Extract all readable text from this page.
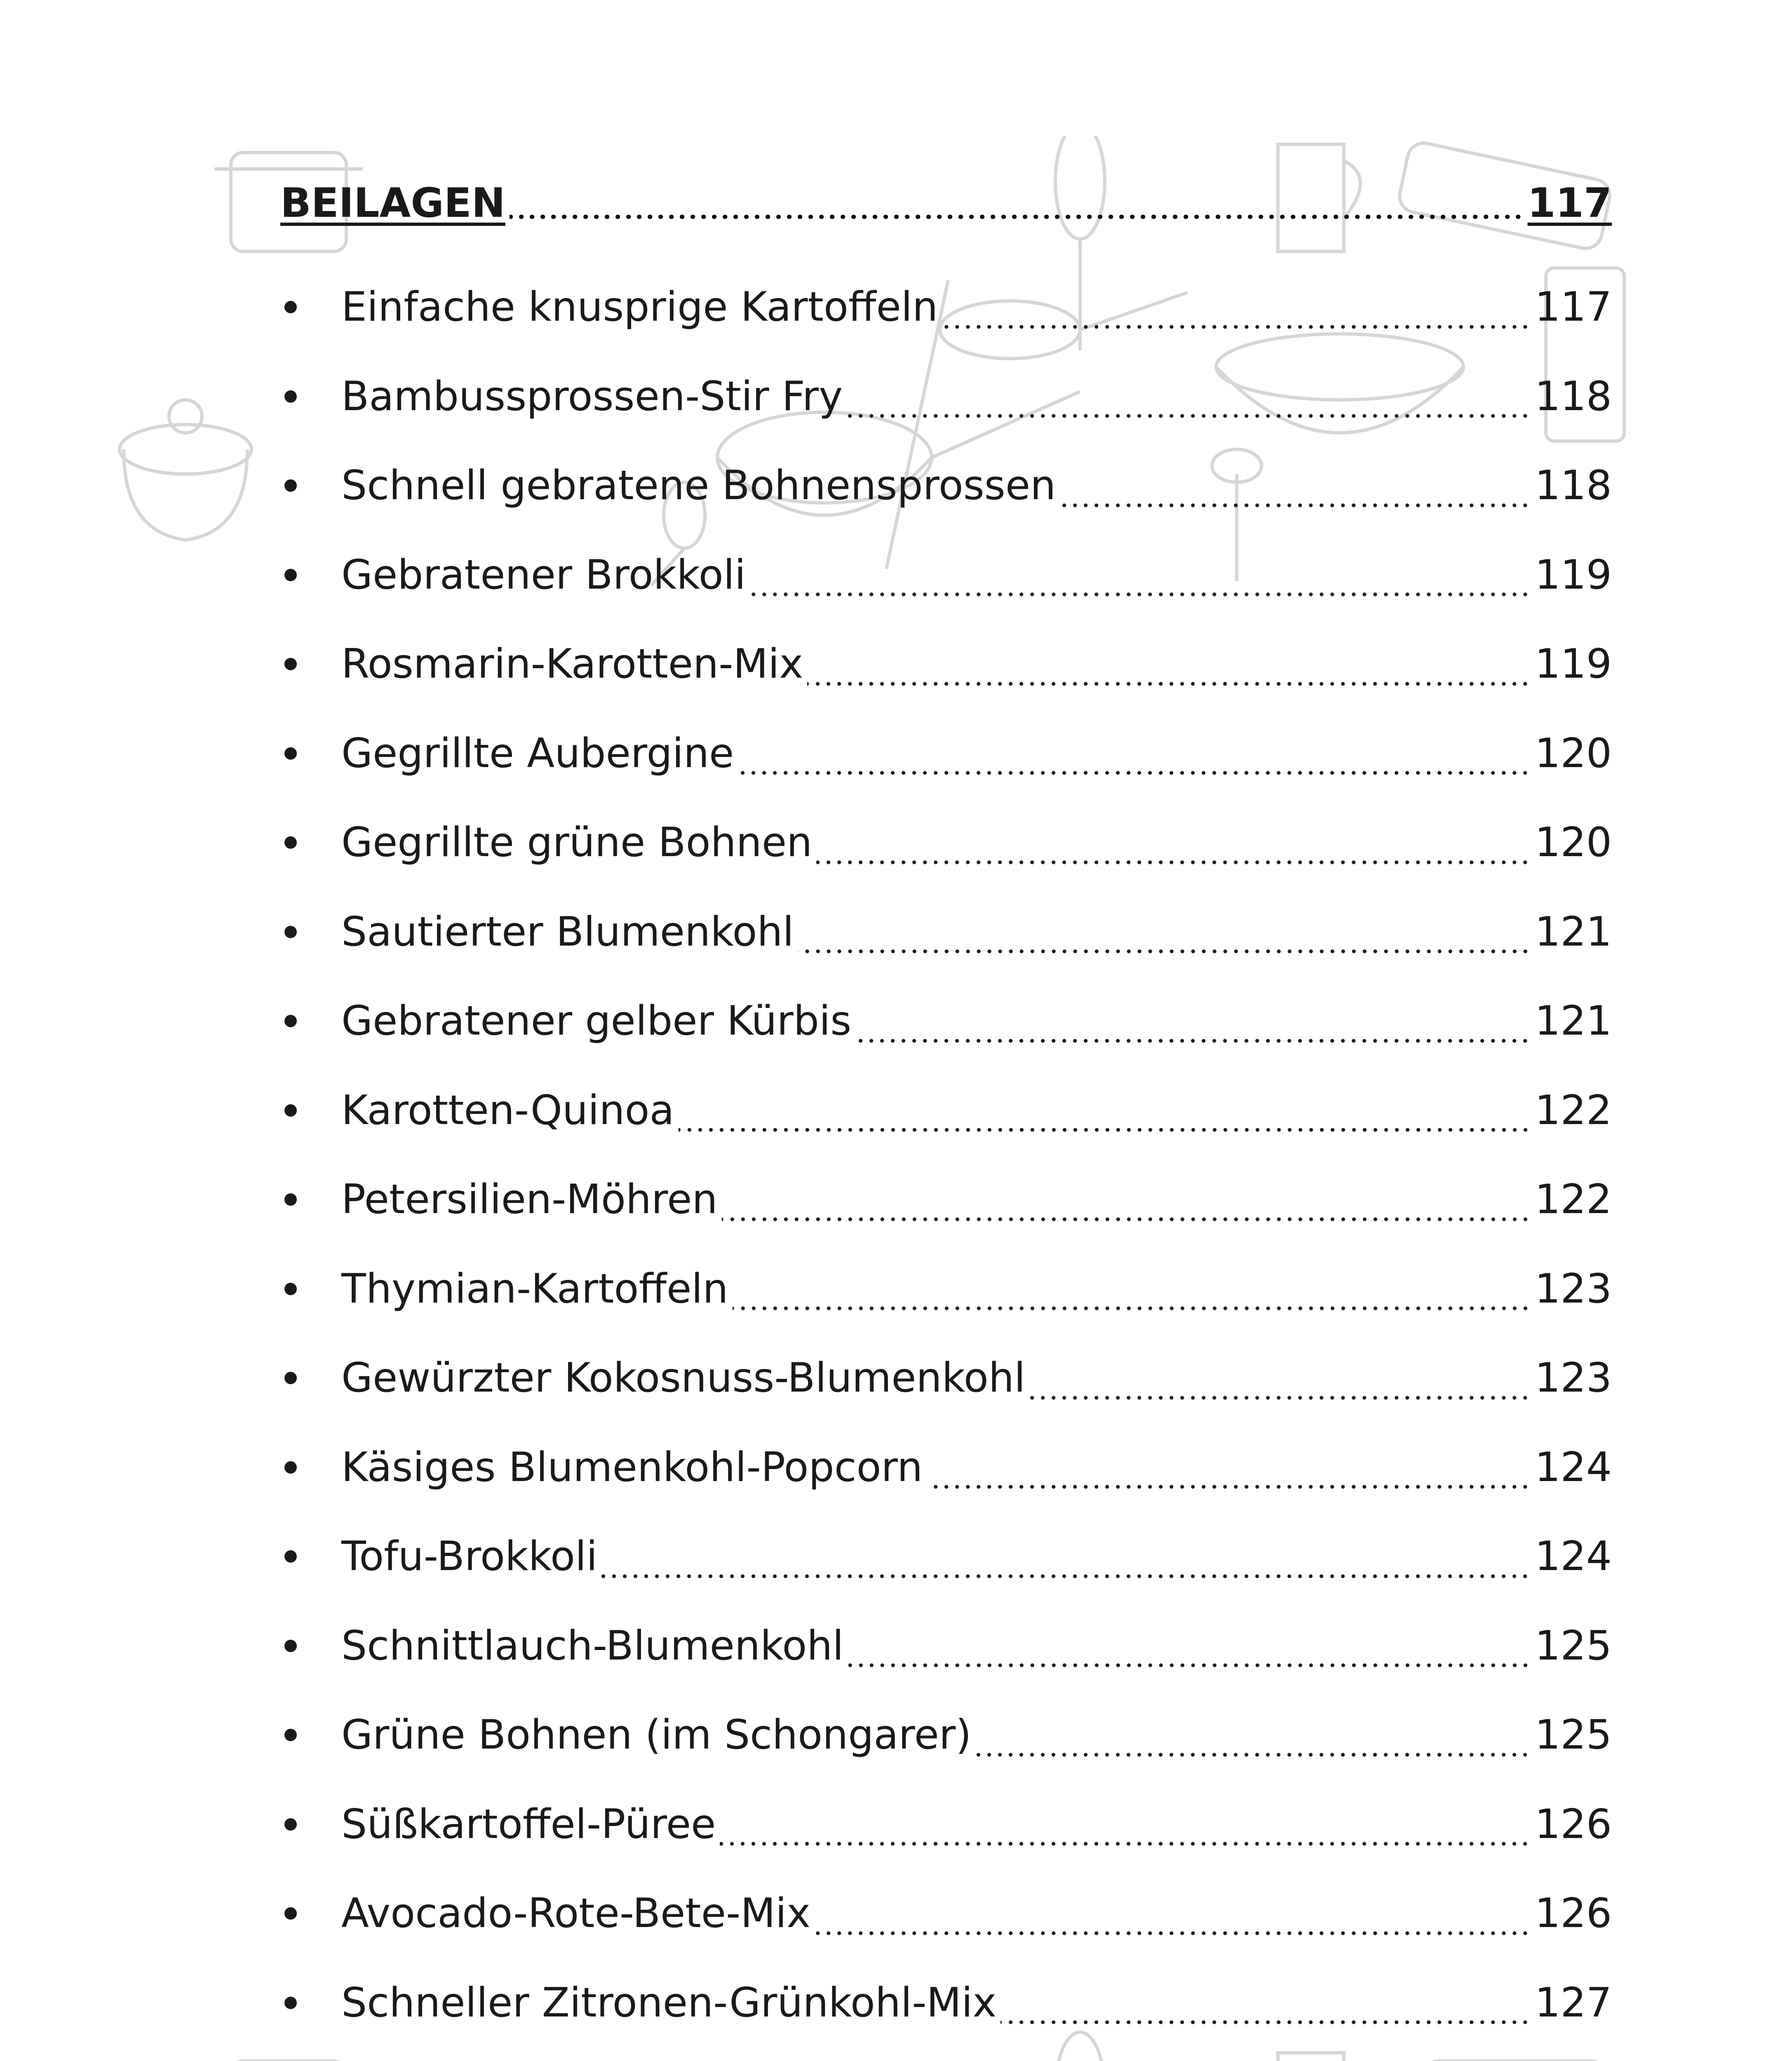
BEILAGEN	117
Einfache knusprige Kartoffeln	117
Bambussprossen-Stir Fry	118
Schnell gebratene Bohnensprossen	118
Gebratener Brokkoli	119
Rosmarin-Karotten-Mix	119
Gegrillte Aubergine	120
Gegrillte grüne Bohnen	120
Sautierter Blumenkohl	121
Gebratener gelber Kürbis	121
Karotten-Quinoa	122
Petersilien-Möhren	122
Thymian-Kartoffeln	123
Gewürzter Kokosnuss-Blumenkohl	123
Käsiges Blumenkohl-Popcorn	124
Tofu-Brokkoli	124
Schnittlauch-Blumenkohl	125
Grüne Bohnen (im Schongarer)	125
Süßkartoffel-Püree	126
Avocado-Rote-Bete-Mix	126
Schneller Zitronen-Grünkohl-Mix	127
